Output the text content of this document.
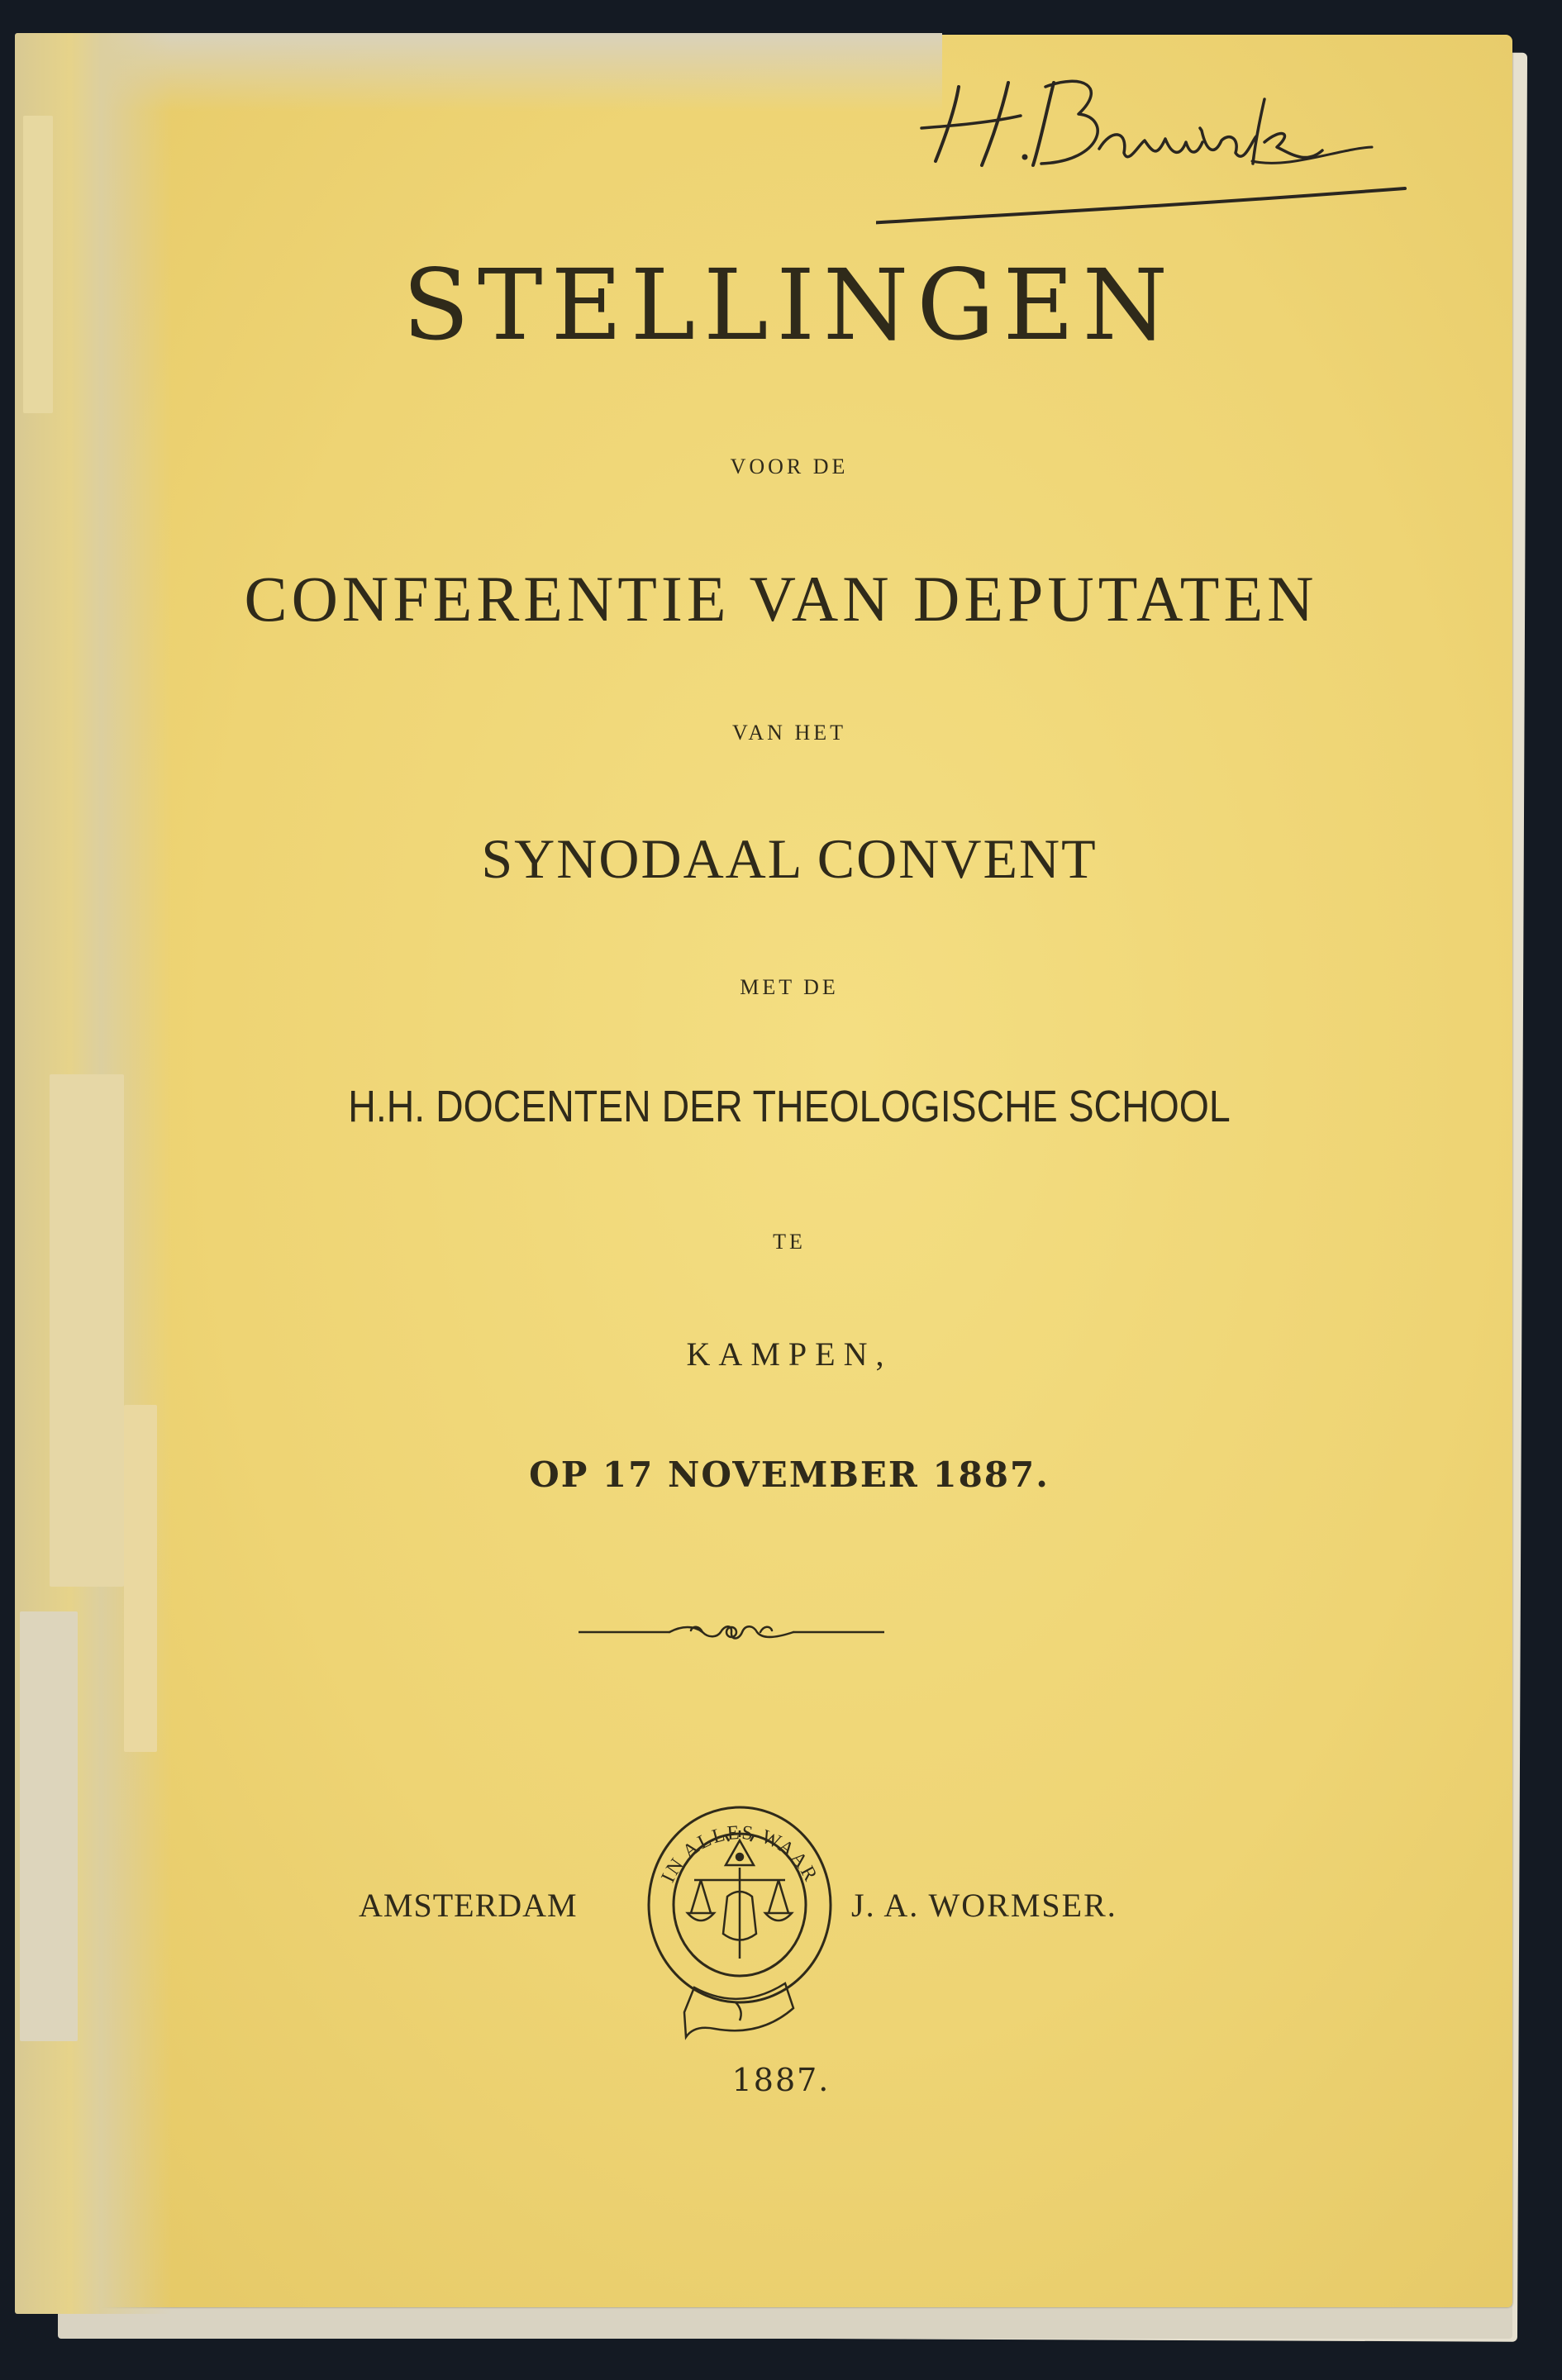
STELLINGEN
VOOR DE
CONFERENTIE VAN DEPUTATEN
VAN HET
SYNODAAL CONVENT
MET DE
H.H. DOCENTEN DER THEOLOGISCHE SCHOOL
TE
KAMPEN,
OP 17 NOVEMBER 1887.
AMSTERDAM
IN ALLES WAAR
J. A. WORMSER.
1887.
